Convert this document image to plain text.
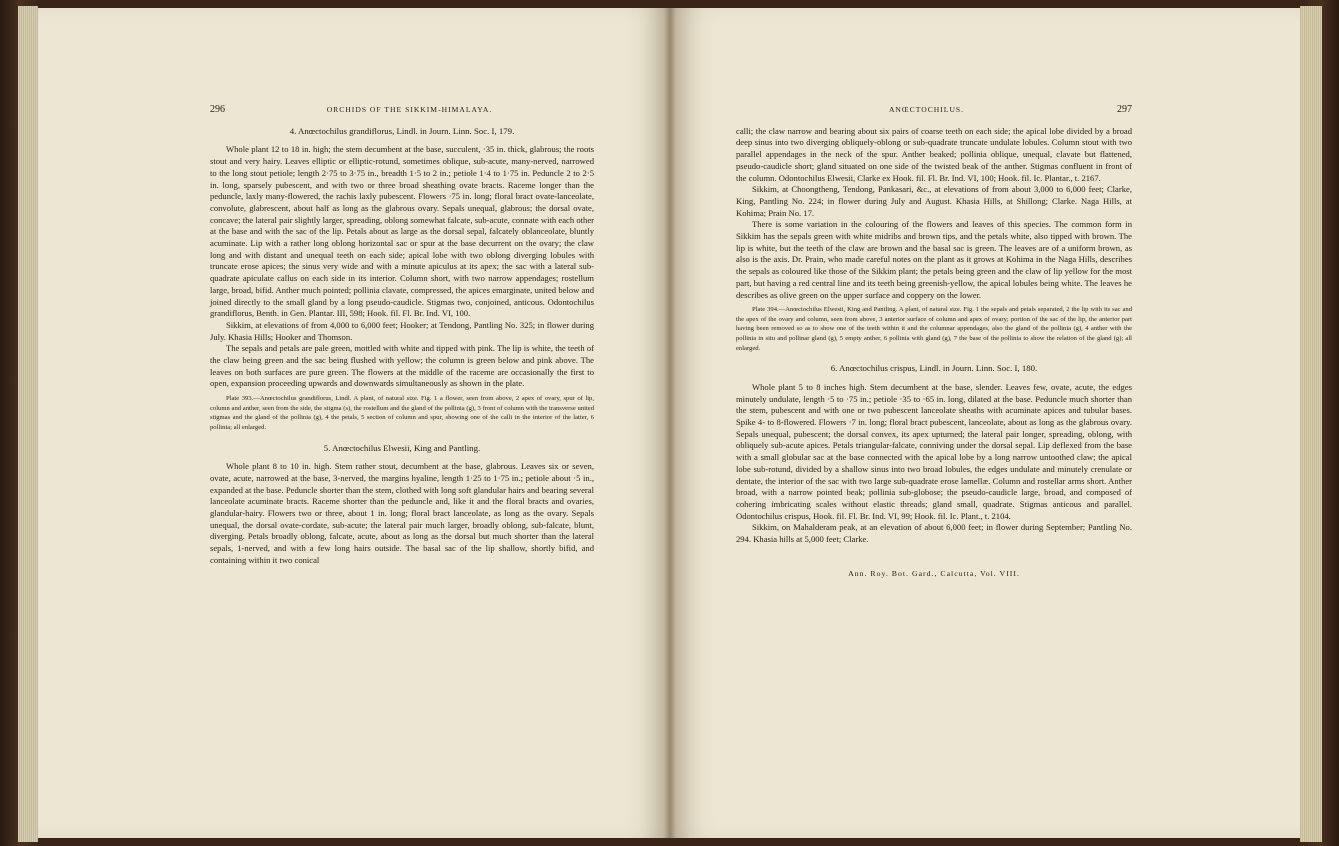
296	ORCHIDS OF THE SIKKIM-HIMALAYA.
4. Anœctochilus grandiflorus, Lindl. in Journ. Linn. Soc. I, 179.

Whole plant 12 to 18 in. high; the stem decumbent at the base, succulent, ·35 in. thick, glabrous; the roots stout and very hairy. Leaves elliptic or elliptic-rotund, sometimes oblique, sub-acute, many-nerved, narrowed to the long stout petiole; length 2·75 to 3·75 in., breadth 1·5 to 2 in.; petiole 1·4 to 1·75 in. Peduncle 2 to 2·5 in. long, sparsely pubescent, and with two or three broad sheathing ovate bracts. Raceme longer than the peduncle, laxly many-flowered, the rachis laxly pubescent. Flowers ·75 in. long; floral bract ovate-lanceolate, convolute, glabrescent, about half as long as the glabrous ovary. Sepals unequal, glabrous; the dorsal ovate, concave; the lateral pair slightly larger, spreading, oblong somewhat falcate, sub-acute, connate with each other at the base and with the sac of the lip. Petals about as large as the dorsal sepal, falcately oblanceolate, bluntly acuminate. Lip with a rather long oblong horizontal sac or spur at the base decurrent on the ovary; the claw long and with distant and unequal teeth on each side; apical lobe with two oblong diverging lobules with truncate erose apices; the sinus very wide and with a minute apiculus at its apex; the sac with a lateral sub-quadrate apiculate callus on each side in its interior. Column short, with two narrow appendages; rostellum large, broad, bifid. Anther much pointed; pollinia clavate, compressed, the apices emarginate, united below and joined directly to the small gland by a long pseudo-caudicle. Stigmas two, conjoined, anticous. Odontochilus grandiflorus, Benth. in Gen. Plantar. III, 598; Hook. fil. Fl. Br. Ind. VI, 100.

Sikkim, at elevations of from 4,000 to 6,000 feet; Hooker; at Tendong, Pantling No. 325; in flower during July. Khasia Hills; Hooker and Thomson.

The sepals and petals are pale green, mottled with white and tipped with pink. The lip is white, the teeth of the claw being green and the sac being flushed with yellow; the column is green below and pink above. The leaves on both surfaces are pure green. The flowers at the middle of the raceme are occasionally the first to open, expansion proceeding upwards and downwards simultaneously as shown in the plate.

Plate 393.—Anœctochilus grandiflorus, Lindl. A plant, of natural size. Fig. 1 a flower, seen from above, 2 apex of ovary, spur of lip, column and anther, seen from the side, the stigma (s), the rostellum and the gland of the pollinia (g), 3 front of column with the transverse united stigmas and the gland of the pollinia (g), 4 the petals, 5 section of column and spur, showing one of the calli in the interior of the latter, 6 pollinia; all enlarged.
5. Anœctochilus Elwesii, King and Pantling.

Whole plant 8 to 10 in. high. Stem rather stout, decumbent at the base, glabrous. Leaves six or seven, ovate, acute, narrowed at the base, 3-nerved, the margins hyaline, length 1·25 to 1·75 in.; petiole about ·5 in., expanded at the base. Peduncle shorter than the stem, clothed with long soft glandular hairs and bearing several lanceolate acuminate bracts. Raceme shorter than the peduncle and, like it and the floral bracts and ovaries, glandular-hairy. Flowers two or three, about 1 in. long; floral bract lanceolate, as long as the ovary. Sepals unequal, the dorsal ovate-cordate, sub-acute; the lateral pair much larger, broadly oblong, sub-falcate, blunt, diverging. Petals broadly oblong, falcate, acute, about as long as the dorsal but much shorter than the lateral sepals, 1-nerved, and with a few long hairs outside. The basal sac of the lip shallow, shortly bifid, and containing within it two conical

ANŒCTOCHILUS.	297

calli; the claw narrow and bearing about six pairs of coarse teeth on each side; the apical lobe divided by a broad deep sinus into two diverging obliquely-oblong or sub-quadrate truncate undulate lobules. Column stout with two parallel appendages in the neck of the spur. Anther beaked; pollinia oblique, unequal, clavate but flattened, pseudo-caudicle short; gland situated on one side of the twisted beak of the anther. Stigmas confluent in front of the column. Odontochilus Elwesii, Clarke ex Hook. fil. Fl. Br. Ind. VI, 100; Hook. fil. Ic. Plantar., t. 2167.

Sikkim, at Choongtheng, Tendong, Pankasari, &c., at elevations of from about 3,000 to 6,000 feet; Clarke, King, Pantling No. 224; in flower during July and August. Khasia Hills, at Shillong; Clarke. Naga Hills, at Kohima; Prain No. 17.

There is some variation in the colouring of the flowers and leaves of this species. The common form in Sikkim has the sepals green with white midribs and brown tips, and the petals white, also tipped with brown. The lip is white, but the teeth of the claw are brown and the basal sac is green. The leaves are of a uniform brown, as also is the axis. Dr. Prain, who made careful notes on the plant as it grows at Kohima in the Naga Hills, describes the sepals as coloured like those of the Sikkim plant; the petals being green and the claw of lip yellow for the most part, but having a red central line and its teeth being greenish-yellow, the apical lobules being white. The leaves he describes as olive green on the upper surface and coppery on the lower.

Plate 394.—Anœctochilus Elwesii, King and Pantling. A plant, of natural size. Fig. 1 the sepals and petals separated, 2 the lip with its sac and the apex of the ovary and column, seen from above, 3 anterior surface of column and apex of ovary; portion of the sac of the lip, the anterior part having been removed so as to show one of the teeth within it and the columnar appendages, also the gland of the pollinia (g), 4 anther with the pollinia in situ and pollinar gland (g), 5 empty anther, 6 pollinia with gland (g), 7 the base of the pollinia to show the relation of the gland (g); all enlarged.
6. Anœctochilus crispus, Lindl. in Journ. Linn. Soc. I, 180.

Whole plant 5 to 8 inches high. Stem decumbent at the base, slender. Leaves few, ovate, acute, the edges minutely undulate, length ·5 to ·75 in.; petiole ·35 to ·65 in. long, dilated at the base. Peduncle much shorter than the stem, pubescent and with one or two pubescent lanceolate sheaths with acuminate apices and tubular bases. Spike 4- to 8-flowered. Flowers ·7 in. long; floral bract pubescent, lanceolate, about as long as the glabrous ovary. Sepals unequal, pubescent; the dorsal convex, its apex upturned; the lateral pair longer, spreading, oblong, with obliquely sub-acute apices. Petals triangular-falcate, conniving under the dorsal sepal. Lip deflexed from the base with a small globular sac at the base connected with the apical lobe by a long narrow untoothed claw; the apical lobe sub-rotund, divided by a shallow sinus into two broad lobules, the edges undulate and minutely crenulate or dentate, the interior of the sac with two large sub-quadrate erose lamellæ. Column and rostellar arms short. Anther broad, with a narrow pointed beak; pollinia sub-globose; the pseudo-caudicle large, broad, and composed of cohering imbricating scales without elastic threads; gland small, quadrate. Stigmas anticous and parallel. Odontochilus crispus, Hook. fil. Fl. Br. Ind. VI, 99; Hook. fil. Ic. Plant., t. 2104.

Sikkim, on Mahalderam peak, at an elevation of about 6,000 feet; in flower during September; Pantling No. 294. Khasia hills at 5,000 feet; Clarke.

Ann. Roy. Bot. Gard., Calcutta, Vol. VIII.
